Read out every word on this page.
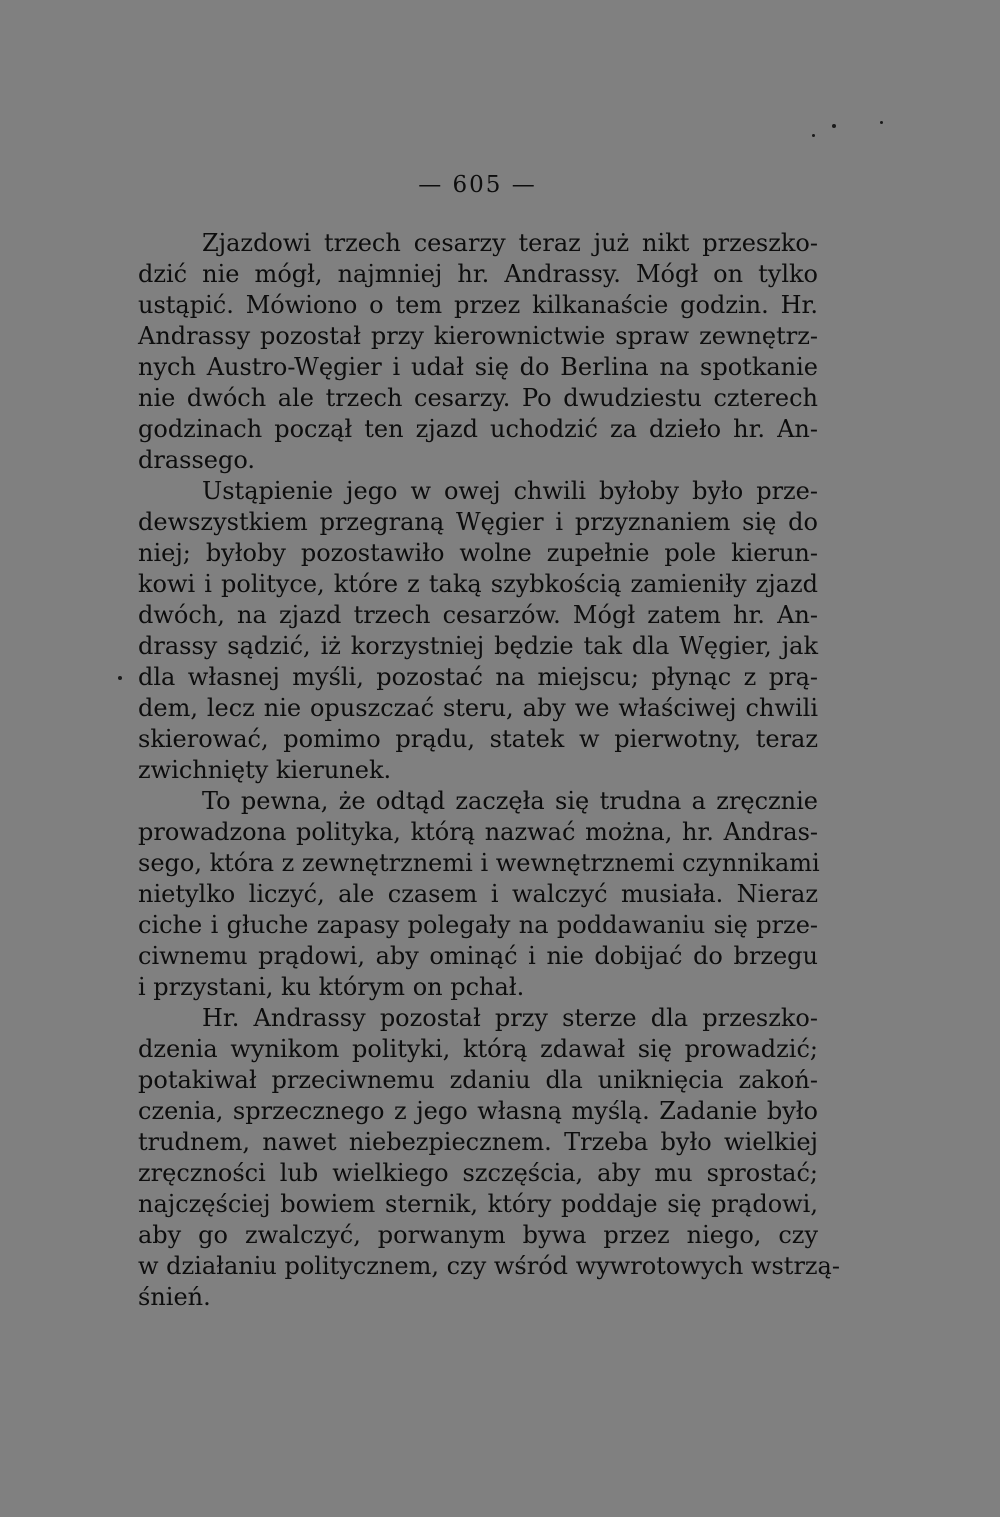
— 605 —
Zjazdowi trzech cesarzy teraz już nikt przeszko-
dzić nie mógł, najmniej hr. Andrassy. Mógł on tylko
ustąpić. Mówiono o tem przez kilkanaście godzin. Hr.
Andrassy pozostał przy kierownictwie spraw zewnętrz-
nych Austro-Węgier i udał się do Berlina na spotkanie
nie dwóch ale trzech cesarzy. Po dwudziestu czterech
godzinach począł ten zjazd uchodzić za dzieło hr. An-
drassego.
Ustąpienie jego w owej chwili byłoby było prze-
dewszystkiem przegraną Węgier i przyznaniem się do
niej; byłoby pozostawiło wolne zupełnie pole kierun-
kowi i polityce, które z taką szybkością zamieniły zjazd
dwóch, na zjazd trzech cesarzów. Mógł zatem hr. An-
drassy sądzić, iż korzystniej będzie tak dla Węgier, jak
dla własnej myśli, pozostać na miejscu; płynąc z prą-
dem, lecz nie opuszczać steru, aby we właściwej chwili
skierować, pomimo prądu, statek w pierwotny, teraz
zwichnięty kierunek.
To pewna, że odtąd zaczęła się trudna a zręcznie
prowadzona polityka, którą nazwać można, hr. Andras-
sego, która z zewnętrznemi i wewnętrznemi czynnikami
nietylko liczyć, ale czasem i walczyć musiała. Nieraz
ciche i głuche zapasy polegały na poddawaniu się prze-
ciwnemu prądowi, aby ominąć i nie dobijać do brzegu
i przystani, ku którym on pchał.
Hr. Andrassy pozostał przy sterze dla przeszko-
dzenia wynikom polityki, którą zdawał się prowadzić;
potakiwał przeciwnemu zdaniu dla uniknięcia zakoń-
czenia, sprzecznego z jego własną myślą. Zadanie było
trudnem, nawet niebezpiecznem. Trzeba było wielkiej
zręczności lub wielkiego szczęścia, aby mu sprostać;
najczęściej bowiem sternik, który poddaje się prądowi,
aby go zwalczyć, porwanym bywa przez niego, czy
w działaniu politycznem, czy wśród wywrotowych wstrzą-
śnień.
